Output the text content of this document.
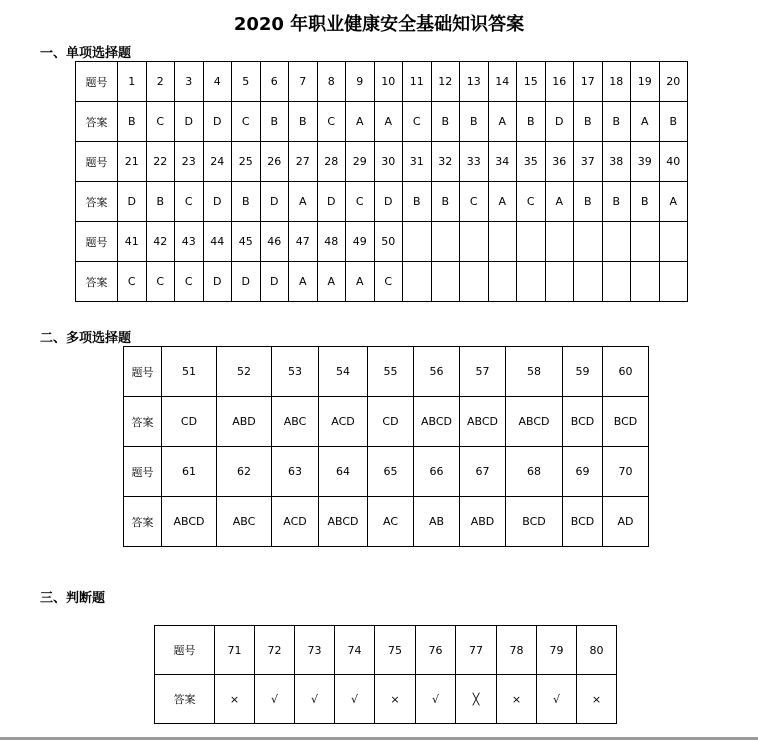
2020 年职业健康安全基础知识答案
一、单项选择题
题号	1	2	3	4	5	6	7	8	9	10	11	12	13	14	15	16	17	18	19	20
答案	B	C	D	D	C	B	B	C	A	A	C	B	B	A	B	D	B	B	A	B
题号	21	22	23	24	25	26	27	28	29	30	31	32	33	34	35	36	37	38	39	40
答案	D	B	C	D	B	D	A	D	C	D	B	B	C	A	C	A	B	B	B	A
题号	41	42	43	44	45	46	47	48	49	50										
答案	C	C	C	D	D	D	A	A	A	C										
二、多项选择题
题号	51	52	53	54	55	56	57	58	59	60
答案	CD	ABD	ABC	ACD	CD	ABCD	ABCD	ABCD	BCD	BCD
题号	61	62	63	64	65	66	67	68	69	70
答案	ABCD	ABC	ACD	ABCD	AC	AB	ABD	BCD	BCD	AD
三、判断题
题号	71	72	73	74	75	76	77	78	79	80
答案	×	√	√	√	×	√	╳	×	√	×
